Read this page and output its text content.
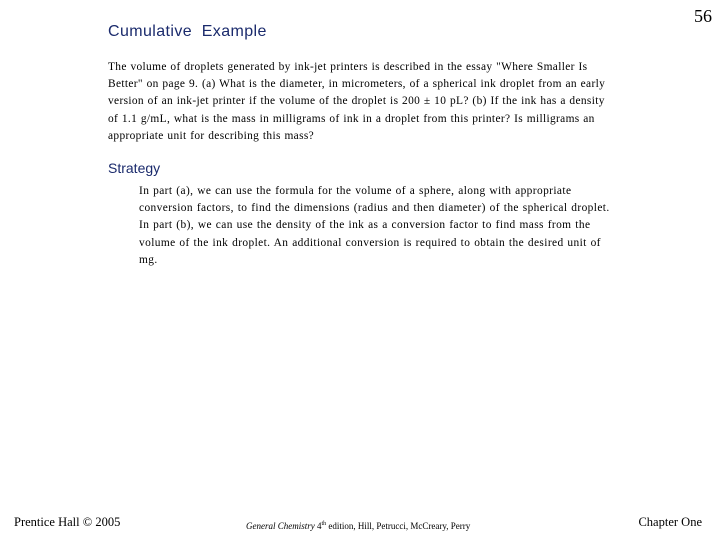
56
Cumulative  Example
The volume of droplets generated by ink-jet printers is described in the essay "Where Smaller Is Better" on page 9. (a) What is the diameter, in micrometers, of a spherical ink droplet from an early version of an ink-jet printer if the volume of the droplet is 200 ± 10 pL? (b) If the ink has a density of 1.1 g/mL, what is the mass in milligrams of ink in a droplet from this printer? Is milligrams an appropriate unit for describing this mass?
Strategy
In part (a), we can use the formula for the volume of a sphere, along with appropriate conversion factors, to find the dimensions (radius and then diameter) of the spherical droplet. In part (b), we can use the density of the ink as a conversion factor to find mass from the volume of the ink droplet. An additional conversion is required to obtain the desired unit of mg.
Prentice Hall © 2005	General Chemistry 4th edition, Hill, Petrucci, McCreary, Perry	Chapter One
